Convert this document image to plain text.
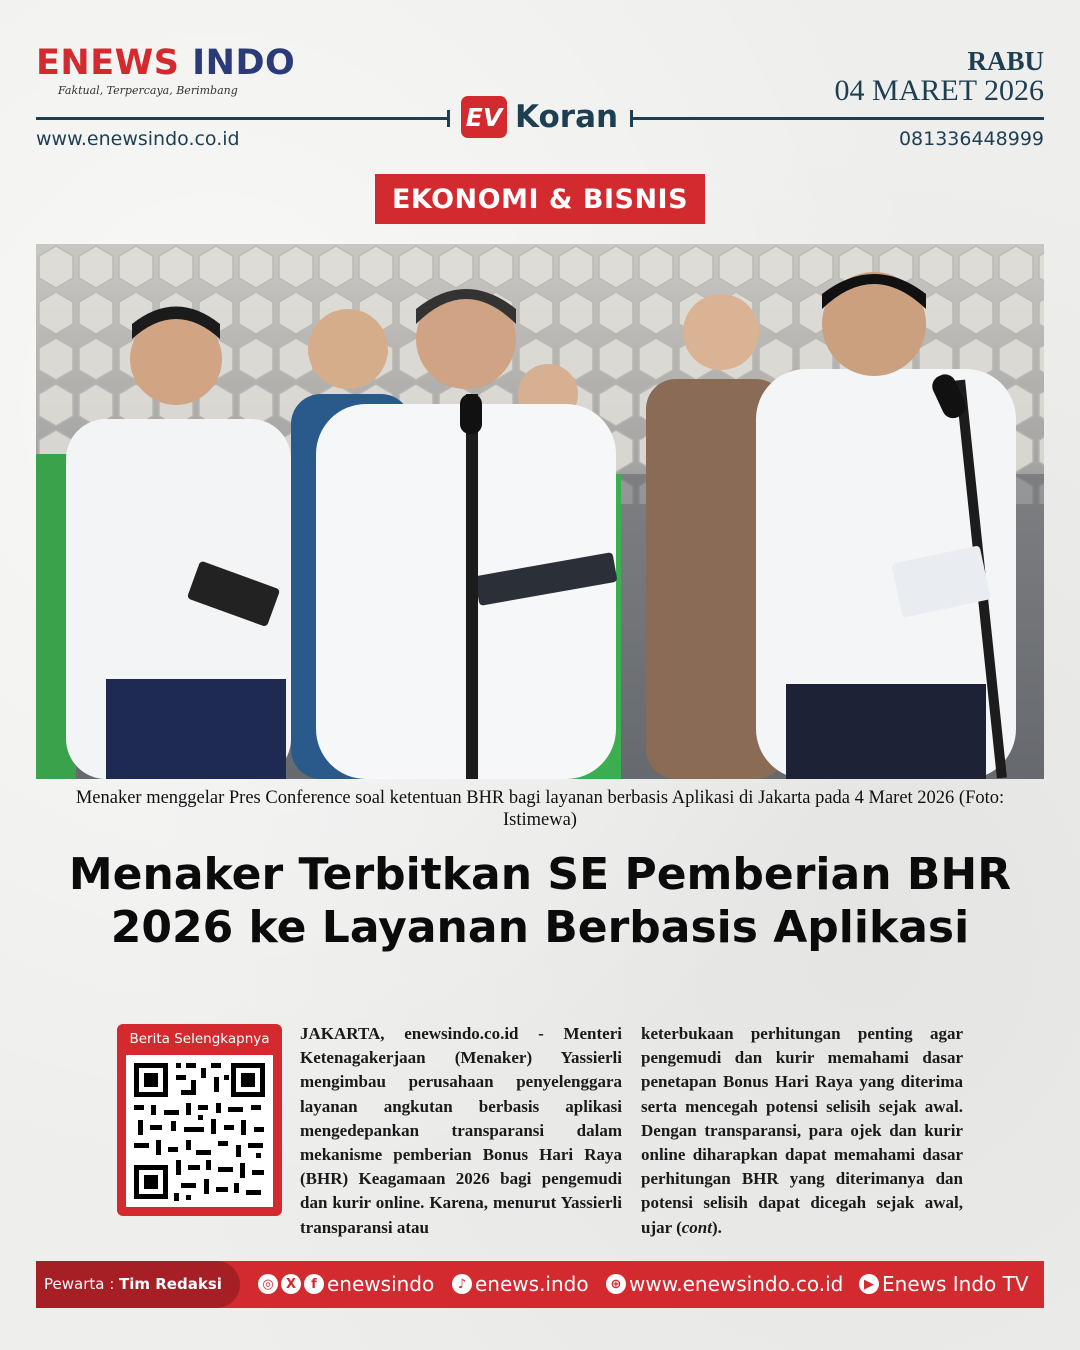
ENEWS INDO
Faktual, Terpercaya, Berimbang
RABU
04 MARET 2026
EV Koran
www.enewsindo.co.id	081336448999
EKONOMI & BISNIS
Menaker menggelar Pres Conference soal ketentuan BHR bagi layanan berbasis Aplikasi di Jakarta pada 4 Maret 2026 (Foto: Istimewa)
Menaker Terbitkan SE Pemberian BHR 2026 ke Layanan Berbasis Aplikasi
Berita Selengkapnya	JAKARTA, enewsindo.co.id - Menteri Ketenagakerjaan (Menaker) Yassierli mengimbau perusahaan penyelenggara layanan angkutan berbasis aplikasi mengedepankan transparansi dalam mekanisme pemberian Bonus Hari Raya (BHR) Keagamaan 2026 bagi pengemudi dan kurir online. Karena, menurut Yassierli transparansi atau
keterbukaan perhitungan penting agar pengemudi dan kurir memahami dasar penetapan Bonus Hari Raya yang diterima serta mencegah potensi selisih sejak awal. Dengan transparansi, para ojek dan kurir online diharapkan dapat memahami dasar perhitungan BHR yang diterimanya dan potensi selisih dapat dicegah sejak awal, ujar (cont).
Pewarta : Tim Redaksi	◎ X	f enewsindo	♪ enews.indo	⊕ www.enewsindo.co.id	▶ Enews Indo TV
